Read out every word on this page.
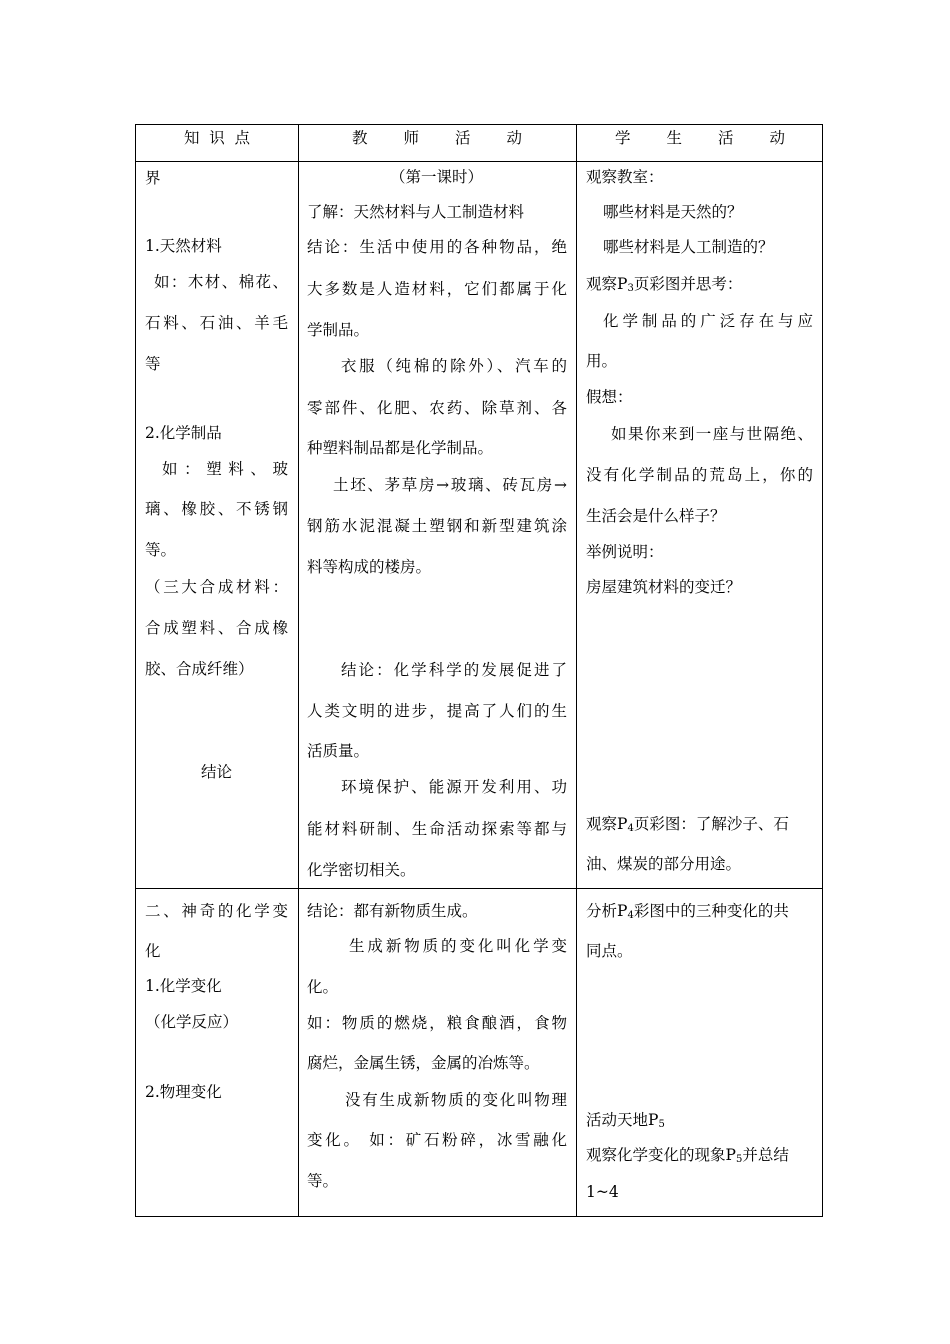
知 识 点	教 师 活 动	学 生 活 动
界
1.天然材料
如：木材、棉花、
石料、石油、羊毛
等
2.化学制品
如：塑料、玻
璃、橡胶、不锈钢
等。
（三大合成材料：
合成塑料、合成橡
胶、合成纤维）
结论
（第一课时）
了解：天然材料与人工制造材料
结论：生活中使用的各种物品，绝
大多数是人造材料，它们都属于化
学制品。
衣服（纯棉的除外）、汽车的
零部件、化肥、农药、除草剂、各
种塑料制品都是化学制品。
土坯、茅草房→玻璃、砖瓦房→
钢筋水泥混凝土塑钢和新型建筑涂
料等构成的楼房。
结论：化学科学的发展促进了
人类文明的进步，提高了人们的生
活质量。
环境保护、能源开发利用、功
能材料研制、生命活动探索等都与
化学密切相关。
观察教室：
哪些材料是天然的？
哪些材料是人工制造的？
观察$P_3$页彩图并思考：
化学制品的广泛存在与应
用。
假想：
如果你来到一座与世隔绝、
没有化学制品的荒岛上，你的
生活会是什么样子？
举例说明：
房屋建筑材料的变迁？
观察$P_4$页彩图：了解沙子、石
油、煤炭的部分用途。
二、神奇的化学变
化
1.化学变化
（化学反应）
2.物理变化
结论：都有新物质生成。
生成新物质的变化叫化学变
化。
如：物质的燃烧，粮食酿酒，食物
腐烂，金属生锈，金属的冶炼等。
没有生成新物质的变化叫物理
变化。 如：矿石粉碎，冰雪融化
等。
分析$P_4$彩图中的三种变化的共
同点。
活动天地$P_5$
观察化学变化的现象$P_5$并总结
1~4
